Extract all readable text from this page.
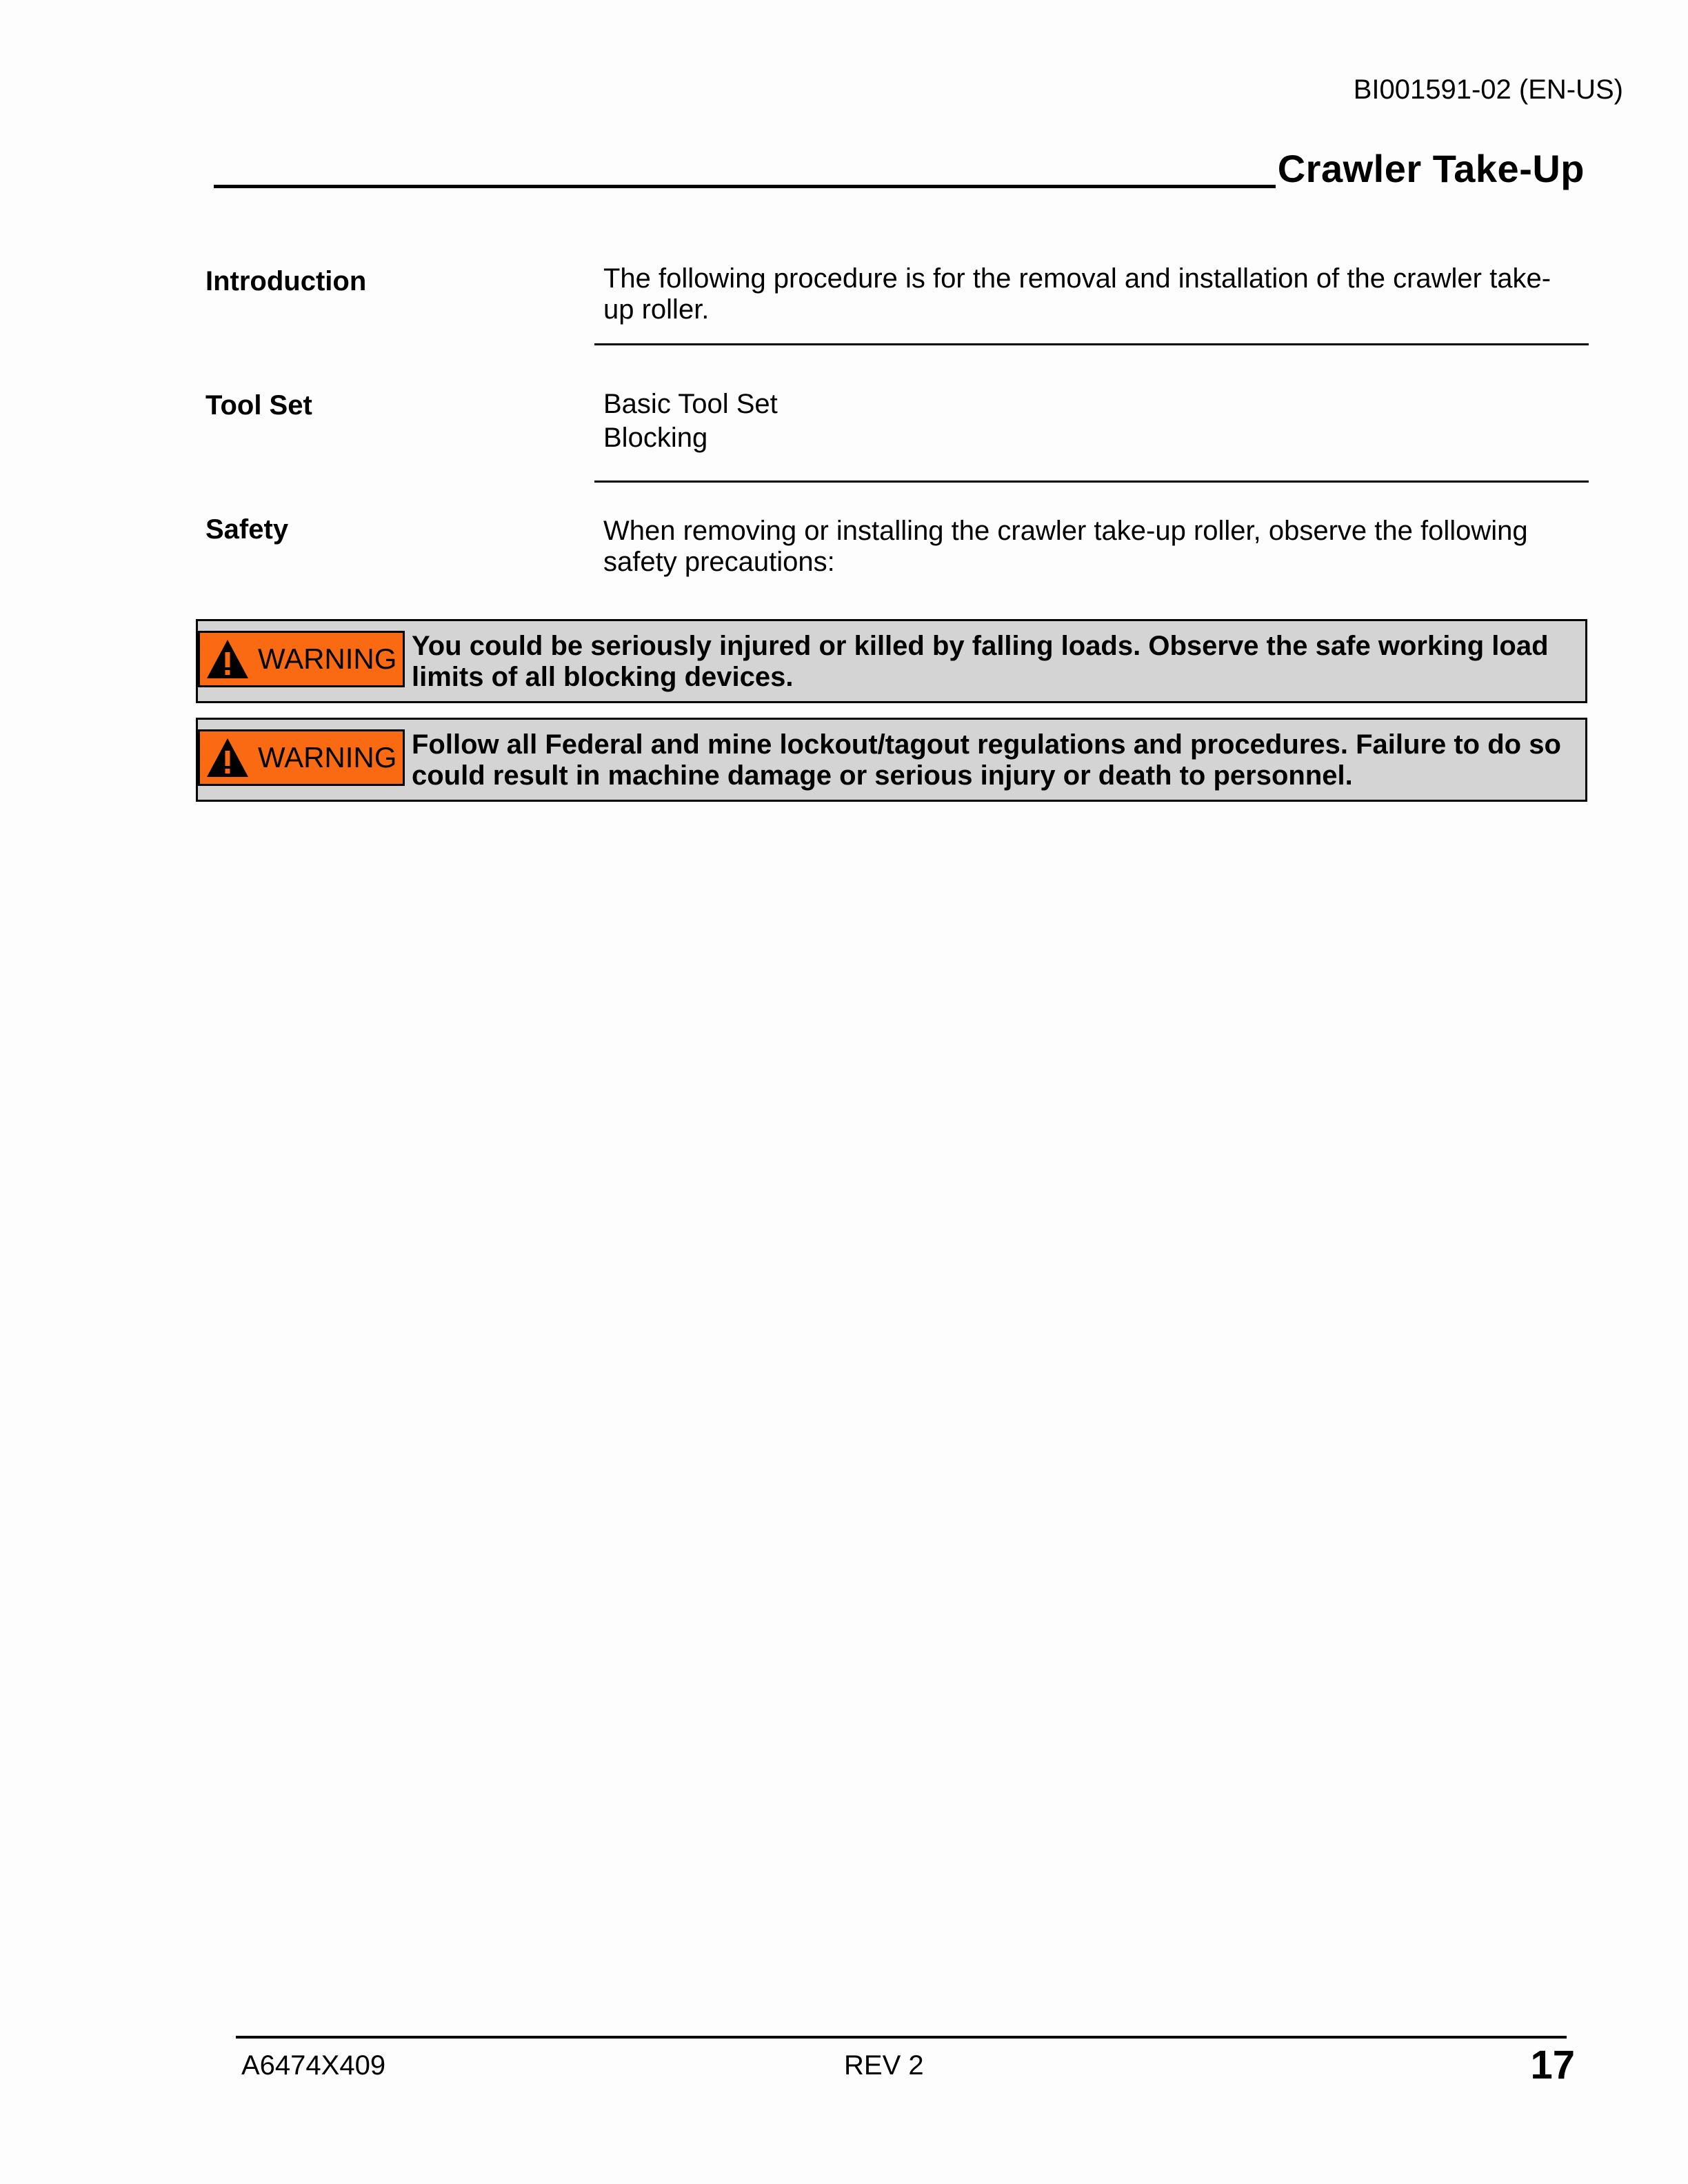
BI001591-02 (EN-US)
Crawler Take-Up
Introduction	The following procedure is for the removal and installation of the crawler take-
up roller.
Tool Set	Basic Tool Set
Blocking
Safety	When removing or installing the crawler take-up roller, observe the following
safety precautions:
WARNING You could be seriously injured or killed by falling loads. Observe the safe working load limits of all blocking devices.
WARNING Follow all Federal and mine lockout/tagout regulations and procedures. Failure to do so could result in machine damage or serious injury or death to personnel.
A6474X409	REV 2	17
